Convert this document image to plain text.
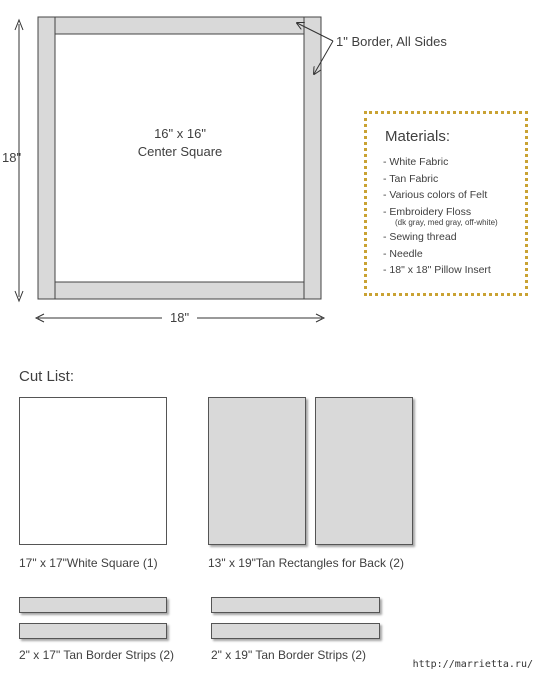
16" x 16"
Center Square
18"
18"
1" Border, All Sides
Materials:
- White Fabric
- Tan Fabric
- Various colors of Felt
- Embroidery Floss
(dk gray, med gray, off-white)
- Sewing thread
- Needle
- 18" x 18" Pillow Insert
Cut List:
17" x 17"White Square (1)	13" x 19"Tan Rectangles for Back (2)
2" x 17" Tan Border Strips (2)	2" x 19" Tan Border Strips (2)
http://marrietta.ru/
